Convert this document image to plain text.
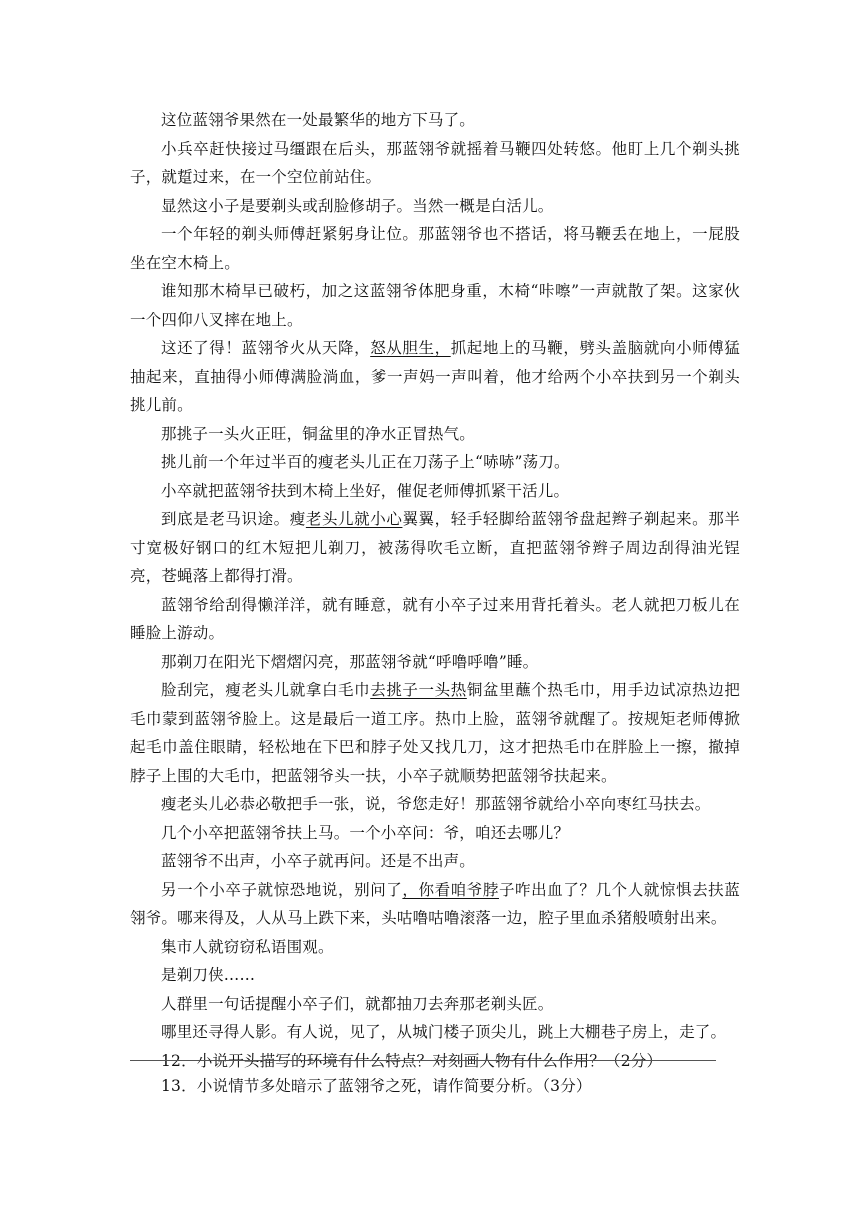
这位蓝翎爷果然在一处最繁华的地方下马了。

小兵卒赶快接过马缰跟在后头，那蓝翎爷就摇着马鞭四处转悠。他盯上几个剃头挑子，就踅过来，在一个空位前站住。

显然这小子是要剃头或刮脸修胡子。当然一概是白活儿。

一个年轻的剃头师傅赶紧躬身让位。那蓝翎爷也不搭话，将马鞭丢在地上，一屁股坐在空木椅上。

谁知那木椅早已破朽，加之这蓝翎爷体肥身重，木椅“咔嚓”一声就散了架。这家伙一个四仰八叉摔在地上。

这还了得！蓝翎爷火从天降，怒从胆生，抓起地上的马鞭，劈头盖脑就向小师傅猛抽起来，直抽得小师傅满脸淌血，爹一声妈一声叫着，他才给两个小卒扶到另一个剃头挑儿前。

那挑子一头火正旺，铜盆里的净水正冒热气。

挑儿前一个年过半百的瘦老头儿正在刀荡子上“哧哧”荡刀。

小卒就把蓝翎爷扶到木椅上坐好，催促老师傅抓紧干活儿。

到底是老马识途。瘦老头儿就小心翼翼，轻手轻脚给蓝翎爷盘起辫子剃起来。那半寸宽极好钢口的红木短把儿剃刀，被荡得吹毛立断，直把蓝翎爷辫子周边刮得油光锃亮，苍蝇落上都得打滑。

蓝翎爷给刮得懒洋洋，就有睡意，就有小卒子过来用背托着头。老人就把刀板儿在睡脸上游动。

那剃刀在阳光下熠熠闪亮，那蓝翎爷就“呼噜呼噜”睡。

脸刮完，瘦老头儿就拿白毛巾去挑子一头热铜盆里蘸个热毛巾，用手边试凉热边把毛巾蒙到蓝翎爷脸上。这是最后一道工序。热巾上脸，蓝翎爷就醒了。按规矩老师傅掀起毛巾盖住眼睛，轻松地在下巴和脖子处又找几刀，这才把热毛巾在胖脸上一擦，撤掉脖子上围的大毛巾，把蓝翎爷头一扶，小卒子就顺势把蓝翎爷扶起来。

瘦老头儿必恭必敬把手一张，说，爷您走好！那蓝翎爷就给小卒向枣红马扶去。

几个小卒把蓝翎爷扶上马。一个小卒问：爷，咱还去哪儿？

蓝翎爷不出声，小卒子就再问。还是不出声。

另一个小卒子就惊恐地说，别问了，你看咱爷脖子咋出血了？几个人就惊惧去扶蓝翎爷。哪来得及，人从马上跌下来，头咕噜咕噜滚落一边，腔子里血杀猪般喷射出来。

集市人就窃窃私语围观。

是剃刀侠……

人群里一句话提醒小卒子们，就都抽刀去奔那老剃头匠。

哪里还寻得人影。有人说，见了，从城门楼子顶尖儿，跳上大棚巷子房上，走了。

12．小说开头描写的环境有什么特点？对刻画人物有什么作用？（2分）

13．小说情节多处暗示了蓝翎爷之死，请作简要分析。（3分）
